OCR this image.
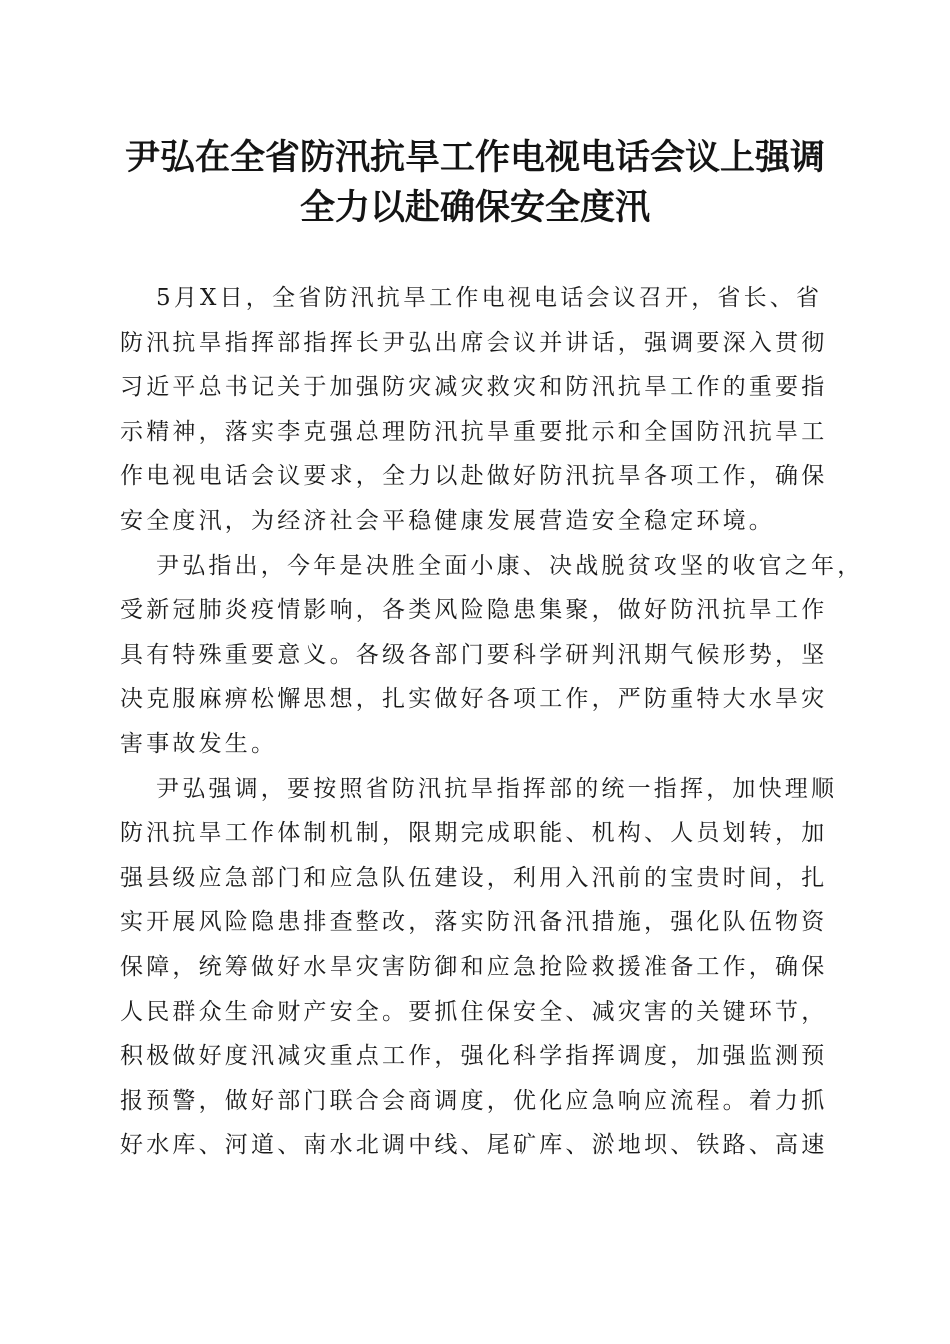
尹弘在全省防汛抗旱工作电视电话会议上强调
全力以赴确保安全度汛
5月X日，全省防汛抗旱工作电视电话会议召开，省长、省
防汛抗旱指挥部指挥长尹弘出席会议并讲话，强调要深入贯彻
习近平总书记关于加强防灾减灾救灾和防汛抗旱工作的重要指
示精神，落实李克强总理防汛抗旱重要批示和全国防汛抗旱工
作电视电话会议要求，全力以赴做好防汛抗旱各项工作，确保
安全度汛，为经济社会平稳健康发展营造安全稳定环境。
尹弘指出，今年是决胜全面小康、决战脱贫攻坚的收官之年，
受新冠肺炎疫情影响，各类风险隐患集聚，做好防汛抗旱工作
具有特殊重要意义。各级各部门要科学研判汛期气候形势，坚
决克服麻痹松懈思想，扎实做好各项工作，严防重特大水旱灾
害事故发生。
尹弘强调，要按照省防汛抗旱指挥部的统一指挥，加快理顺
防汛抗旱工作体制机制，限期完成职能、机构、人员划转，加
强县级应急部门和应急队伍建设，利用入汛前的宝贵时间，扎
实开展风险隐患排查整改，落实防汛备汛措施，强化队伍物资
保障，统筹做好水旱灾害防御和应急抢险救援准备工作，确保
人民群众生命财产安全。要抓住保安全、减灾害的关键环节，
积极做好度汛减灾重点工作，强化科学指挥调度，加强监测预
报预警，做好部门联合会商调度，优化应急响应流程。着力抓
好水库、河道、南水北调中线、尾矿库、淤地坝、铁路、高速
